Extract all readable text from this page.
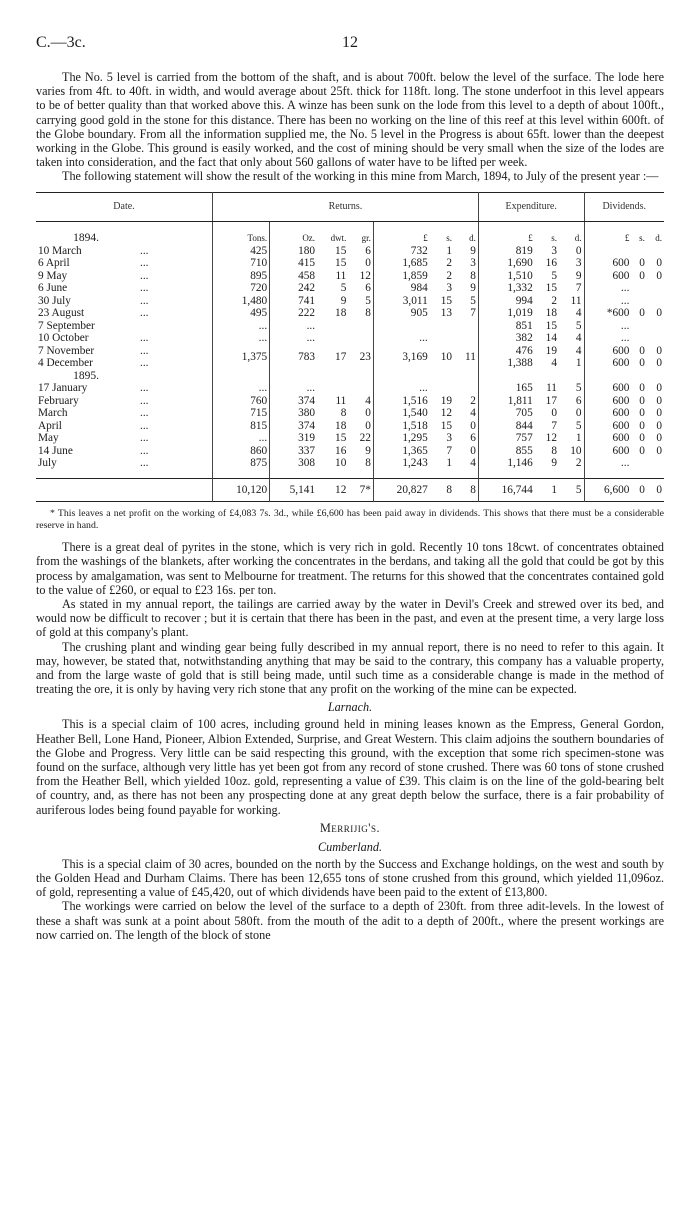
C.—3c.	12

The No. 5 level is carried from the bottom of the shaft, and is about 700ft. below the level of the surface. The lode here varies from 4ft. to 40ft. in width, and would average about 25ft. thick for 118ft. long. The stone underfoot in this level appears to be of better quality than that worked above this. A winze has been sunk on the lode from this level to a depth of about 100ft., carrying good gold in the stone for this distance. There has been no working on the line of this reef at this level within 600ft. of the Globe boundary. From all the information supplied me, the No. 5 level in the Progress is about 65ft. lower than the deepest working in the Globe. This ground is easily worked, and the cost of mining should be very small when the size of the lodes are taken into consideration, and the fact that only about 560 gallons of water have to be lifted per week.

The following statement will show the result of the working in this mine from March, 1894, to July of the present year :—

Date.		Returns.							Expenditure.			Dividends.		
1894.		Tons.	Oz.	dwt.	gr.	£	s.	d.	£	s.	d.	£	s.	d.
10 March	...	425	180	15	6	732	1	9	819	3	0			
6 April	...	710	415	15	0	1,685	2	3	1,690	16	3	600	0	0
9 May	...	895	458	11	12	1,859	2	8	1,510	5	9	600	0	0
6 June	...	720	242	5	6	984	3	9	1,332	15	7	...		
30 July	...	1,480	741	9	5	3,011	15	5	994	2	11	...		
23 August	...	495	222	18	8	905	13	7	1,019	18	4	*600	0	0
7 September		...	...						851	15	5	...		
10 October	...	...	...			...			382	14	4	...		
7 November	...	1,375	783	17	23	3,169	10	11	476	19	4	600	0	0
4 December	...								1,388	4	1	600	0	0
1895.														
17 January	...	...	...			...			165	11	5	600	0	0
February	...	760	374	11	4	1,516	19	2	1,811	17	6	600	0	0
March	...	715	380	8	0	1,540	12	4	705	0	0	600	0	0
April	...	815	374	18	0	1,518	15	0	844	7	5	600	0	0
May	...	...	319	15	22	1,295	3	6	757	12	1	600	0	0
14 June	...	860	337	16	9	1,365	7	0	855	8	10	600	0	0
July	...	875	308	10	8	1,243	1	4	1,146	9	2	...		

		10,120	5,141	12	7*	20,827	8	8	16,744	1	5	6,600	0	0

* This leaves a net profit on the working of £4,083 7s. 3d., while £6,600 has been paid away in dividends. This shows that there must be a considerable reserve in hand.

There is a great deal of pyrites in the stone, which is very rich in gold. Recently 10 tons 18cwt. of concentrates obtained from the washings of the blankets, after working the concentrates in the berdans, and taking all the gold that could be got by this process by amalgamation, was sent to Melbourne for treatment. The returns for this showed that the concentrates contained gold to the value of £260, or equal to £23 16s. per ton.

As stated in my annual report, the tailings are carried away by the water in Devil's Creek and strewed over its bed, and would now be difficult to recover ; but it is certain that there has been in the past, and even at the present time, a very large loss of gold at this company's plant.

The crushing plant and winding gear being fully described in my annual report, there is no need to refer to this again. It may, however, be stated that, notwithstanding anything that may be said to the contrary, this company has a valuable property, and from the large waste of gold that is still being made, until such time as a considerable change is made in the method of treating the ore, it is only by having very rich stone that any profit on the working of the mine can be expected.

Larnach.

This is a special claim of 100 acres, including ground held in mining leases known as the Empress, General Gordon, Heather Bell, Lone Hand, Pioneer, Albion Extended, Surprise, and Great Western. This claim adjoins the southern boundaries of the Globe and Progress. Very little can be said respecting this ground, with the exception that some rich specimen-stone was found on the surface, although very little has yet been got from any record of stone crushed. There was 60 tons of stone crushed from the Heather Bell, which yielded 10oz. gold, representing a value of £39. This claim is on the line of the gold-bearing belt of country, and, as there has not been any prospecting done at any great depth below the surface, there is a fair probability of auriferous lodes being found payable for working.

Merrijig's.
Cumberland.

This is a special claim of 30 acres, bounded on the north by the Success and Exchange holdings, on the west and south by the Golden Head and Durham Claims. There has been 12,655 tons of stone crushed from this ground, which yielded 11,096oz. of gold, representing a value of £45,420, out of which dividends have been paid to the extent of £13,800.

The workings were carried on below the level of the surface to a depth of 230ft. from three adit-levels. In the lowest of these a shaft was sunk at a point about 580ft. from the mouth of the adit to a depth of 200ft., where the present workings are now carried on. The length of the block of stone
